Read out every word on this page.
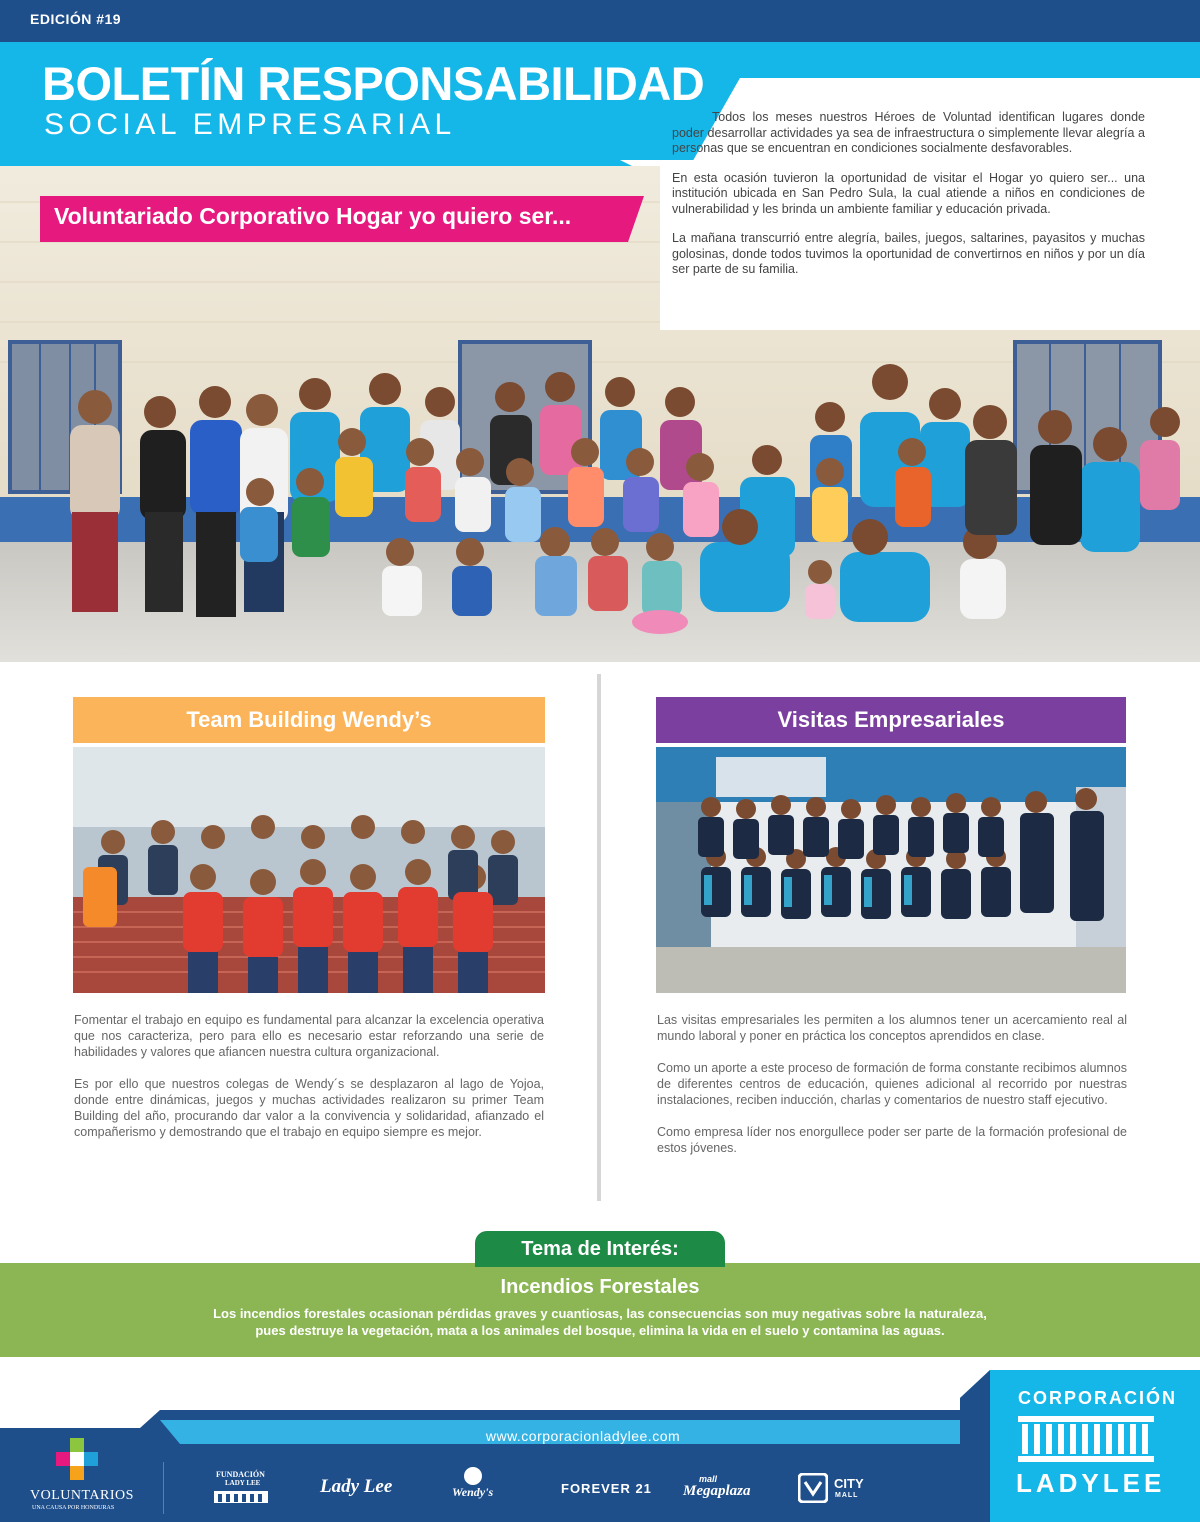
EDICIÓN #19
BOLETÍN RESPONSABILIDAD
SOCIAL EMPRESARIAL	Todos los meses nuestros Héroes de Voluntad identifican lugares donde poder desarrollar actividades ya sea de infraestructura o simplemente llevar alegría a personas que se encuentran en condiciones socialmente desfavorables.

En esta ocasión tuvieron la oportunidad de visitar el Hogar yo quiero ser... una institución ubicada en San Pedro Sula, la cual atiende a niños en condiciones de vulnerabilidad y les brinda un ambiente familiar y educación privada.

La mañana transcurrió entre alegría, bailes, juegos, saltarines, payasitos y muchas golosinas, donde todos tuvimos la oportunidad de convertirnos en niños y por un día ser parte de su familia.

Voluntariado Corporativo Hogar yo quiero ser...
Team Building Wendy’s

Fomentar el trabajo en equipo es fundamental para alcanzar la excelencia operativa que nos caracteriza, pero para ello es necesario estar reforzando una serie de habilidades y valores que afiancen nuestra cultura organizacional.

Es por ello que nuestros colegas de Wendy´s se desplazaron al lago de Yojoa, donde entre dinámicas, juegos y muchas actividades realizaron su primer Team Building del año, procurando dar valor a la convivencia y solidaridad, afianzado el compañerismo y demostrando que el trabajo en equipo siempre es mejor.

Visitas Empresariales

Las visitas empresariales les permiten a los alumnos tener un acercamiento real al mundo laboral y poner en práctica los conceptos aprendidos en clase.

Como un aporte a este proceso de formación de forma constante recibimos alumnos de diferentes centros de educación, quienes adicional al recorrido por nuestras instalaciones, reciben inducción, charlas y comentarios de nuestro staff ejecutivo.

Como empresa líder nos enorgullece poder ser parte de la formación profesional de estos jóvenes.

Tema de Interés:
Incendios Forestales
Los incendios forestales ocasionan pérdidas graves y cuantiosas, las consecuencias son muy negativas sobre la naturaleza,
pues destruye la vegetación, mata a los animales del bosque, elimina la vida en el suelo y contamina las aguas.
www.corporacionladylee.com
VOLUNTARIOS
UNA CAUSA POR HONDURAS
FUNDACIÓN
LADY LEE	Lady Lee	Wendy's	FOREVER 21
mall
Megaplaza	CITY
MALL
CORPORACIÓN
LADYLEE
